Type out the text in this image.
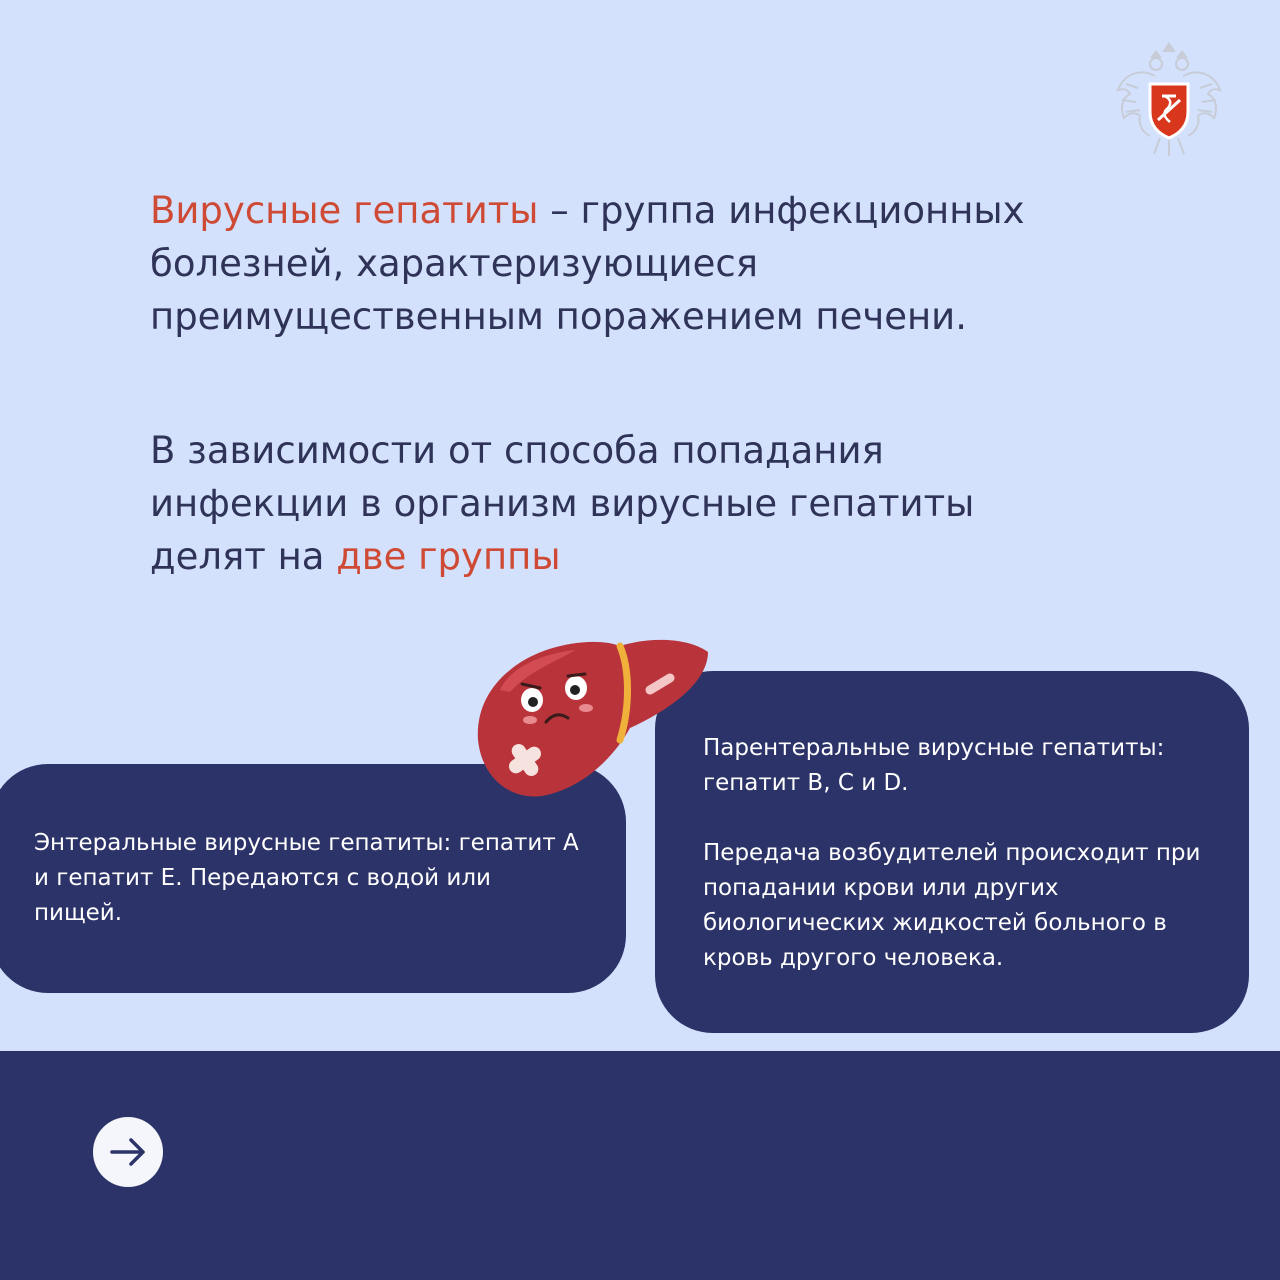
Вирусные гепатиты – группа инфекционных болезней, характеризующиеся преимущественным поражением печени.

В зависимости от способа попадания инфекции в организм вирусные гепатиты делят на две группы

Энтеральные вирусные гепатиты: гепатит А и гепатит Е. Передаются с водой или пищей.

Парентеральные вирусные гепатиты: гепатит В, С и D.

Передача возбудителей происходит при попадании крови или других биологических жидкостей больного в кровь другого человека.
